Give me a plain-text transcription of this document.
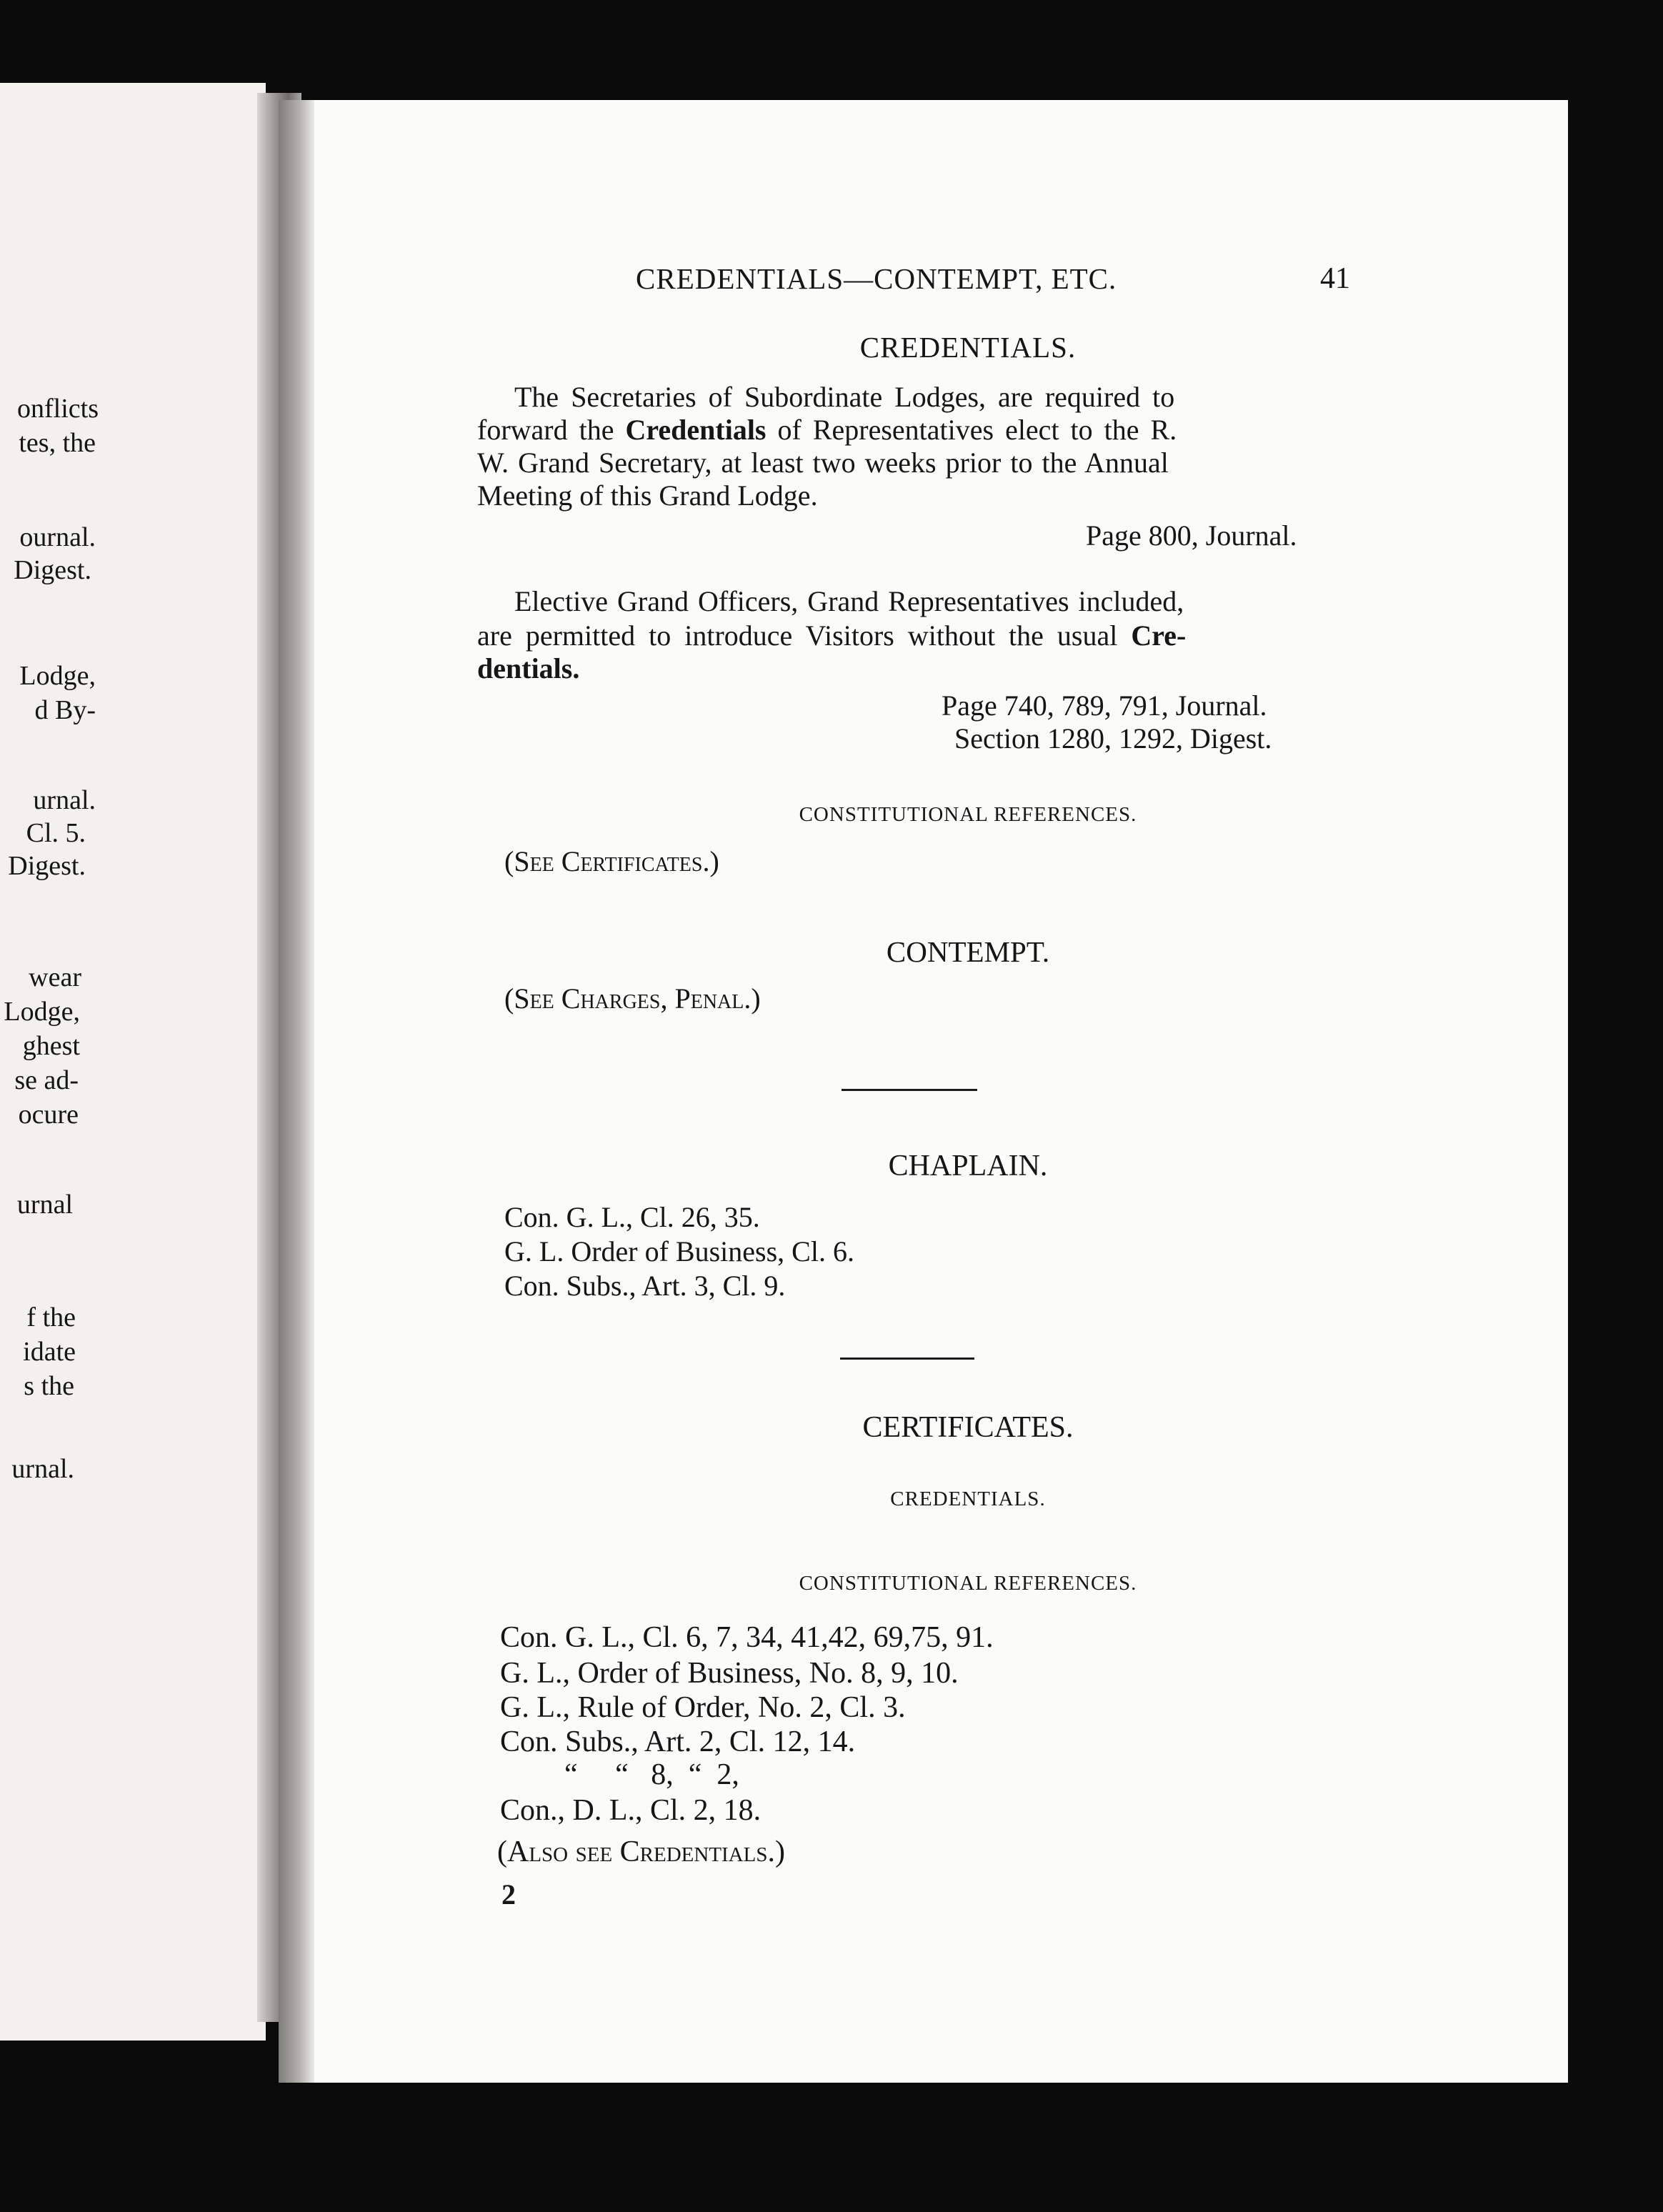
onflicts
tes, the
ournal.
Digest.
Lodge,
d By-
urnal.
Cl. 5.
Digest.
wear
Lodge,
ghest
se ad-
ocure
urnal
f the
idate
s the
urnal.
CREDENTIALS—CONTEMPT, ETC.	41
CREDENTIALS.
The Secretaries of Subordinate Lodges, are required to
forward the Credentials of Representatives elect to the R.
W. Grand Secretary, at least two weeks prior to the Annual
Meeting of this Grand Lodge.
Page 800, Journal.
Elective Grand Officers, Grand Representatives included,
are permitted to introduce Visitors without the usual Cre-
dentials.
Page 740, 789, 791, Journal.
Section 1280, 1292, Digest.
CONSTITUTIONAL REFERENCES.
(See Certificates.)
CONTEMPT.
(See Charges, Penal.)
CHAPLAIN.
Con. G. L., Cl. 26, 35.
G. L. Order of Business, Cl. 6.
Con. Subs., Art. 3, Cl. 9.
CERTIFICATES.
CREDENTIALS.
CONSTITUTIONAL REFERENCES.
Con. G. L., Cl. 6, 7, 34, 41,42, 69,75, 91.
G. L., Order of Business, No. 8, 9, 10.
G. L., Rule of Order, No. 2, Cl. 3.
Con. Subs., Art. 2, Cl. 12, 14.
“     “   8,  “  2,
Con., D. L., Cl. 2, 18.
(Also see Credentials.)
2
